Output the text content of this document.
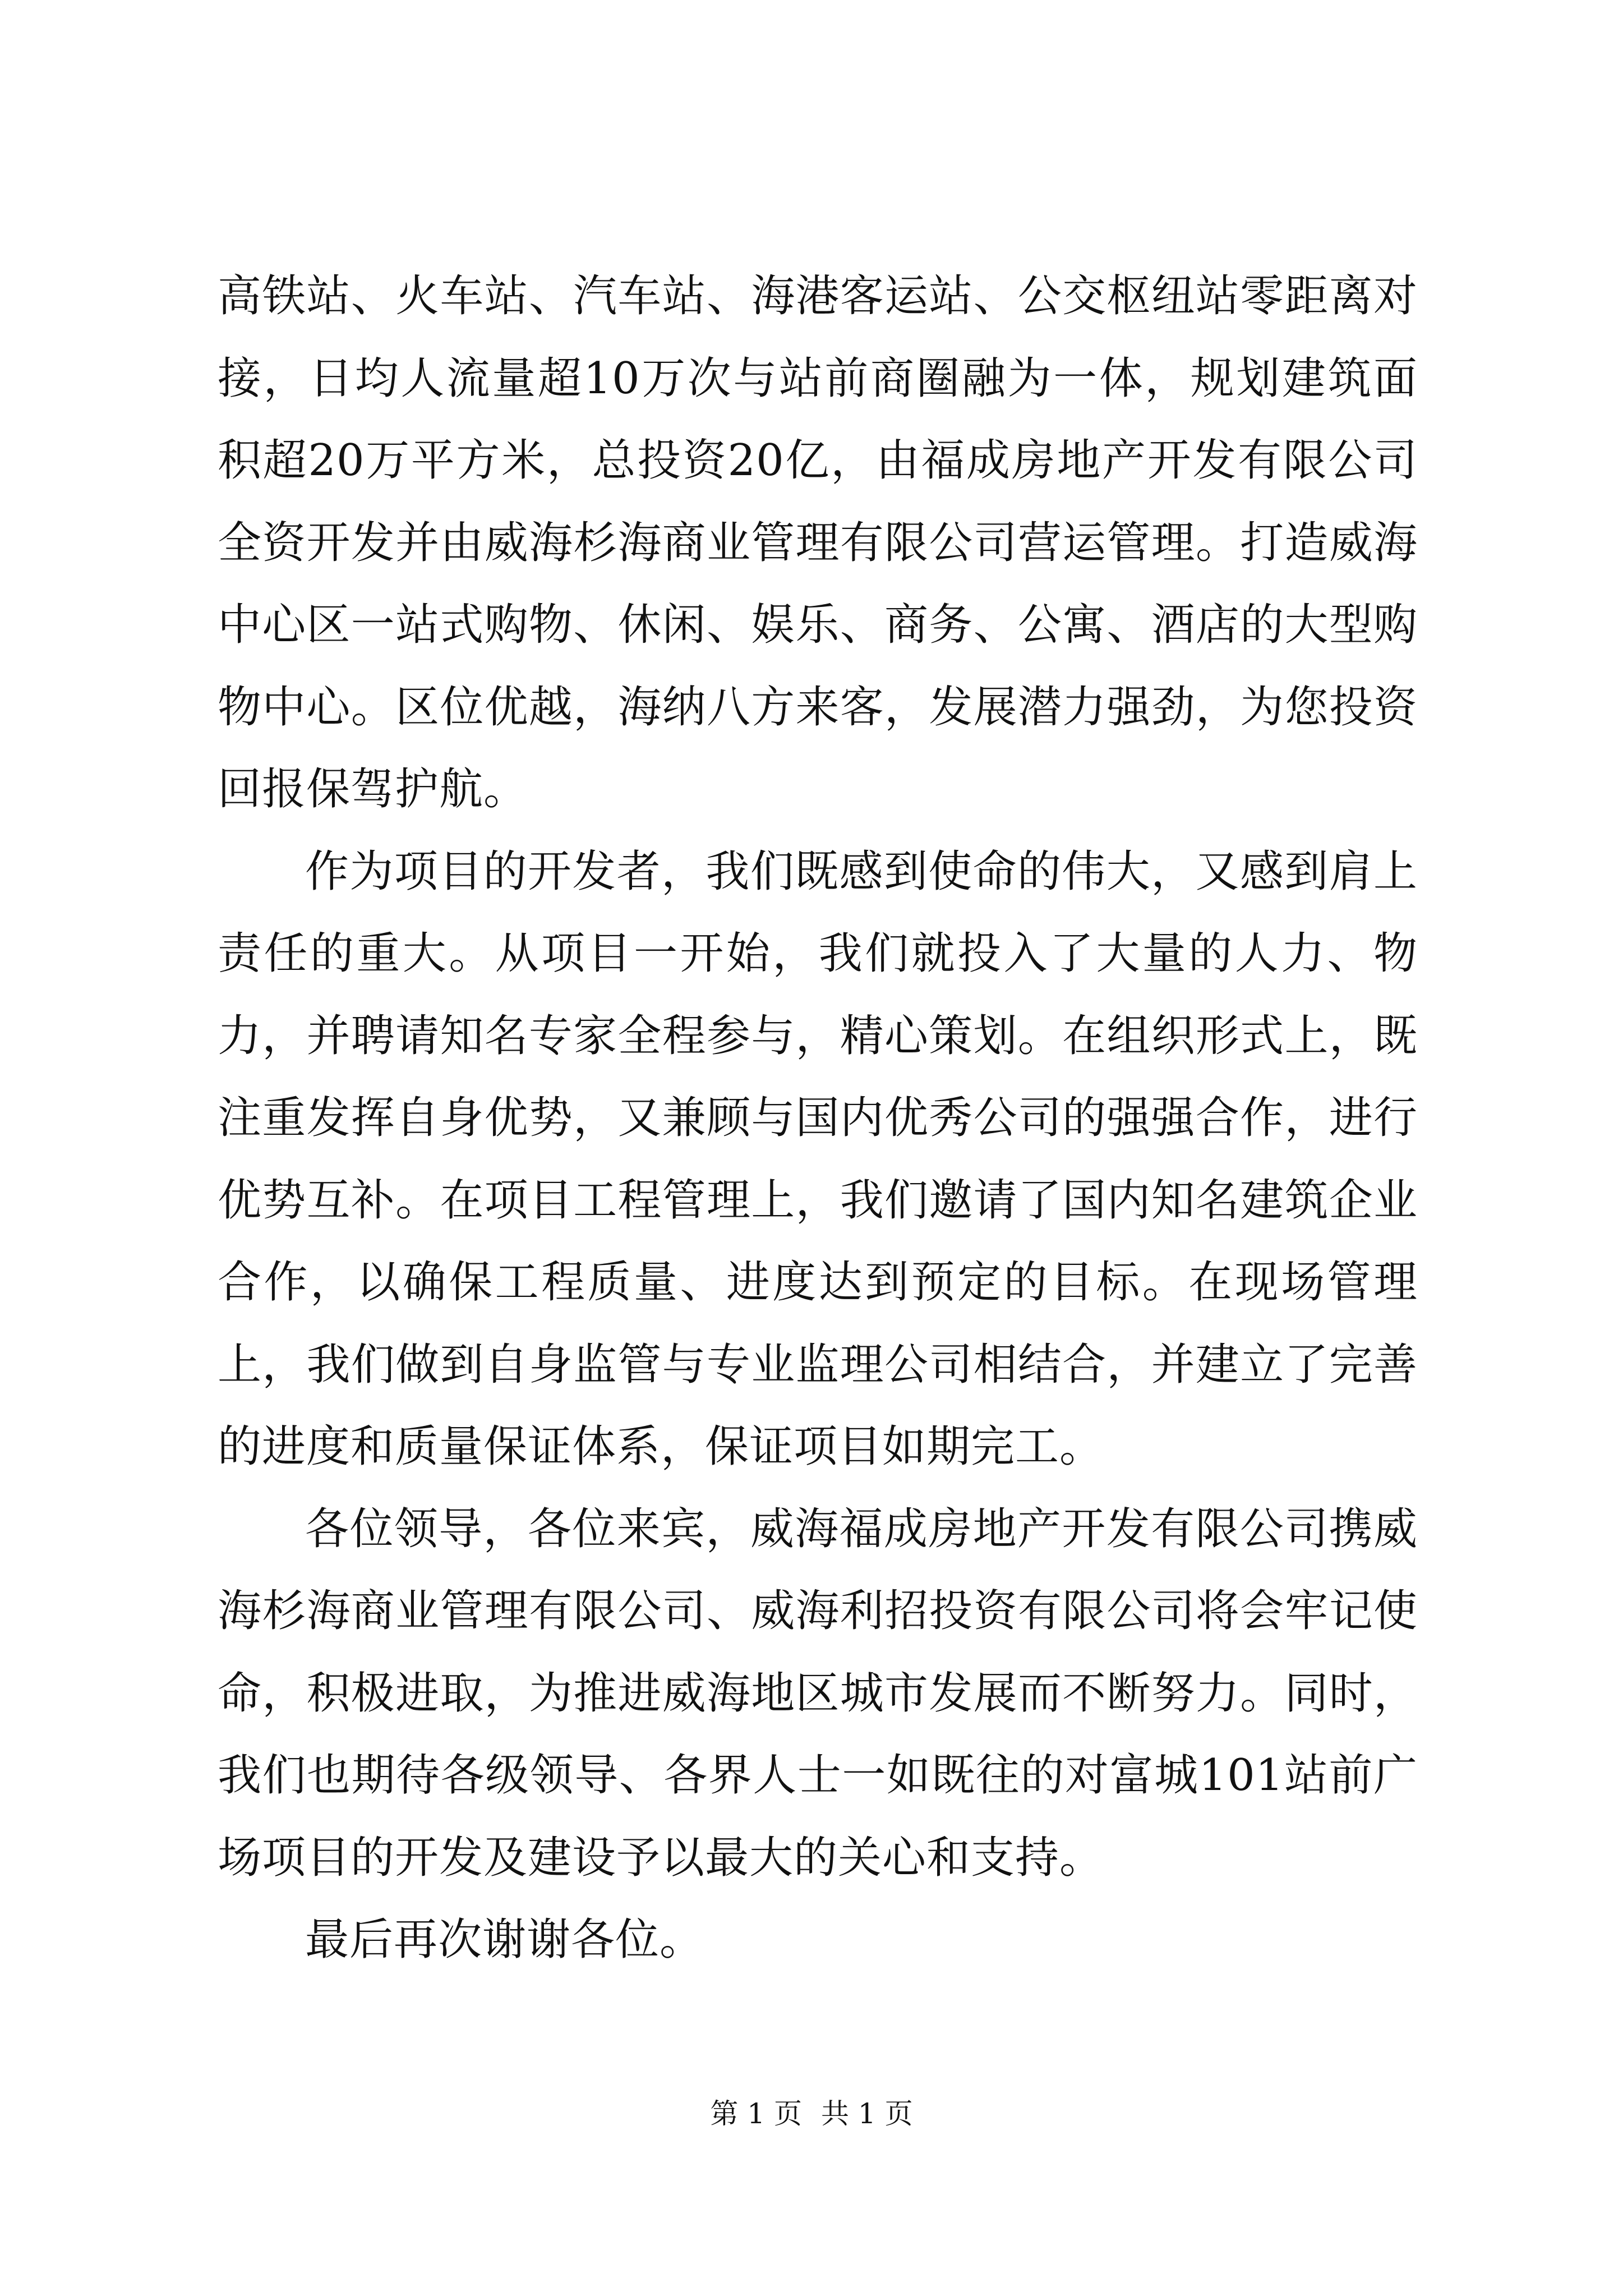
高铁站、火车站、汽车站、海港客运站、公交枢纽站零距离对接，日均人流量超10万次与站前商圈融为一体，规划建筑面积超20万平方米，总投资20亿，由福成房地产开发有限公司全资开发并由威海杉海商业管理有限公司营运管理。打造威海中心区一站式购物、休闲、娱乐、商务、公寓、酒店的大型购物中心。区位优越，海纳八方来客，发展潜力强劲，为您投资回报保驾护航。

作为项目的开发者，我们既感到使命的伟大，又感到肩上责任的重大。从项目一开始，我们就投入了大量的人力、物力，并聘请知名专家全程参与，精心策划。在组织形式上，既注重发挥自身优势，又兼顾与国内优秀公司的强强合作，进行优势互补。在项目工程管理上，我们邀请了国内知名建筑企业合作，以确保工程质量、进度达到预定的目标。在现场管理上，我们做到自身监管与专业监理公司相结合，并建立了完善的进度和质量保证体系，保证项目如期完工。

各位领导，各位来宾，威海福成房地产开发有限公司携威海杉海商业管理有限公司、威海利招投资有限公司将会牢记使命，积极进取，为推进威海地区城市发展而不断努力。同时，我们也期待各级领导、各界人士一如既往的对富城101站前广场项目的开发及建设予以最大的关心和支持。

最后再次谢谢各位。

第 1 页 共 1 页
